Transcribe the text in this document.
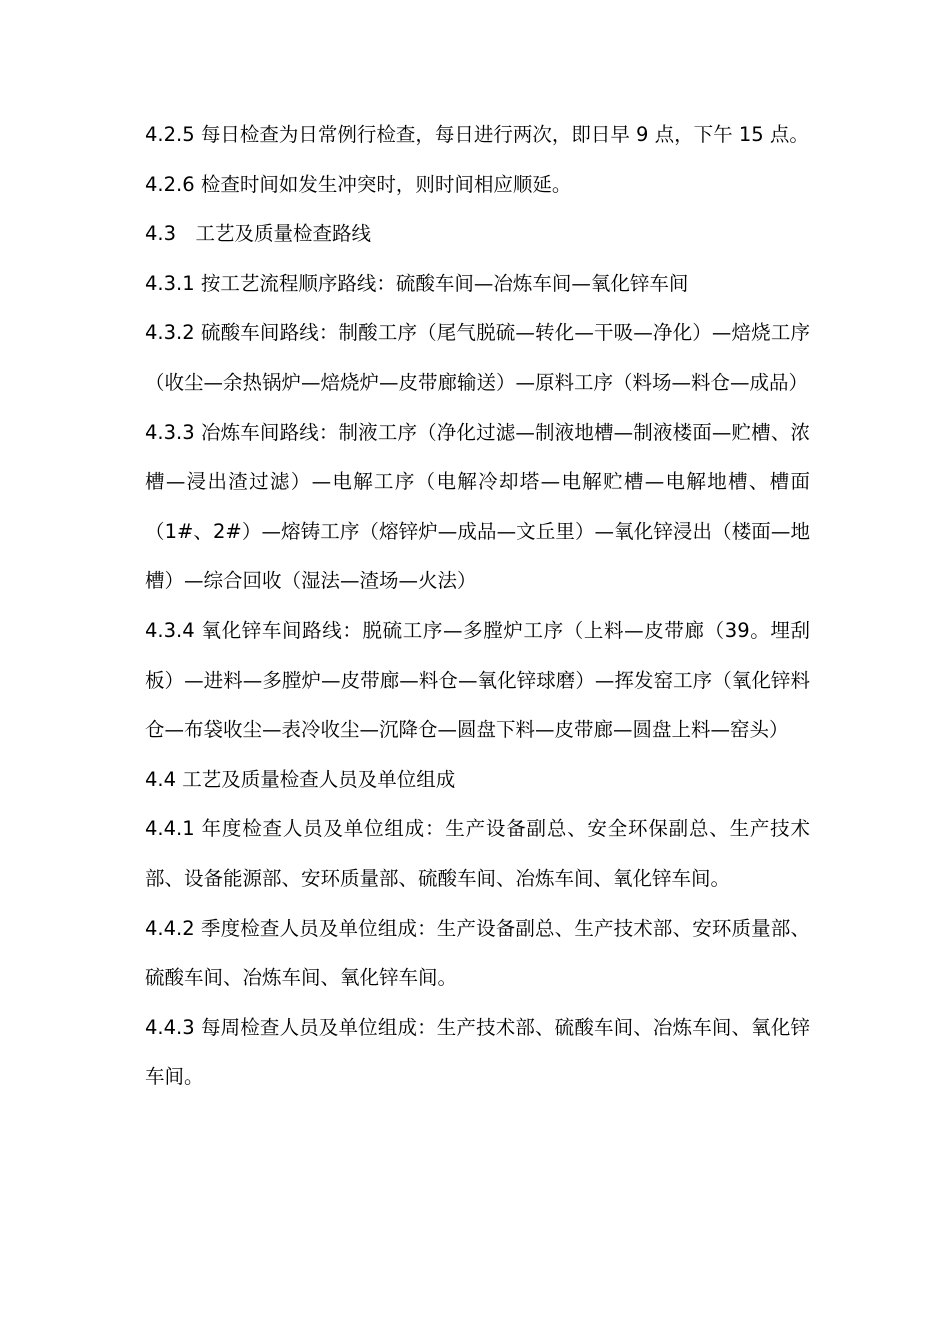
4.2.5 每日检查为日常例行检查，每日进行两次，即日早 9 点，下午 15 点。

4.2.6 检查时间如发生冲突时，则时间相应顺延。

4.3　工艺及质量检查路线

4.3.1 按工艺流程顺序路线：硫酸车间—冶炼车间—氧化锌车间

4.3.2 硫酸车间路线：制酸工序（尾气脱硫—转化—干吸—净化）—焙烧工序（收尘—余热锅炉—焙烧炉—皮带廊输送）—原料工序（料场—料仓—成品）

4.3.3 冶炼车间路线：制液工序（净化过滤—制液地槽—制液楼面—贮槽、浓槽—浸出渣过滤）—电解工序（电解冷却塔—电解贮槽—电解地槽、槽面（1#、2#）—熔铸工序（熔锌炉—成品—文丘里）—氧化锌浸出（楼面—地槽）—综合回收（湿法—渣场—火法）

4.3.4 氧化锌车间路线：脱硫工序—多膛炉工序（上料—皮带廊（39。埋刮板）—进料—多膛炉—皮带廊—料仓—氧化锌球磨）—挥发窑工序（氧化锌料仓—布袋收尘—表冷收尘—沉降仓—圆盘下料—皮带廊—圆盘上料—窑头）

4.4 工艺及质量检查人员及单位组成

4.4.1 年度检查人员及单位组成：生产设备副总、安全环保副总、生产技术部、设备能源部、安环质量部、硫酸车间、冶炼车间、氧化锌车间。

4.4.2 季度检查人员及单位组成：生产设备副总、生产技术部、安环质量部、硫酸车间、冶炼车间、氧化锌车间。

4.4.3 每周检查人员及单位组成：生产技术部、硫酸车间、冶炼车间、氧化锌车间。
